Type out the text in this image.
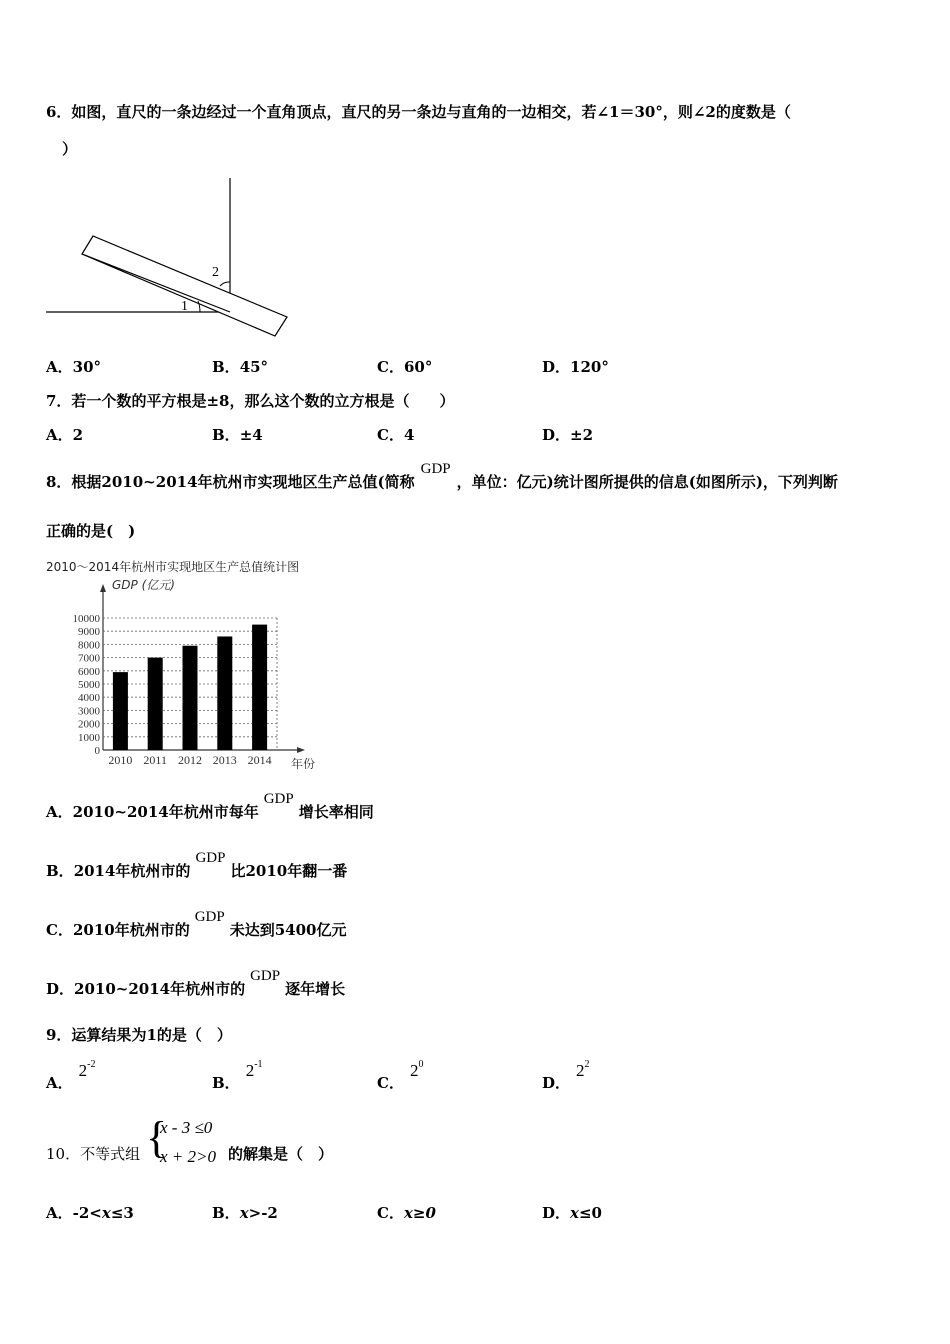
6．如图，直尺的一条边经过一个直角顶点，直尺的另一条边与直角的一边相交，若∠1＝30°，则∠2的度数是（
）
1
2
A．30°	B．45°	C．60°	D．120°
7．若一个数的平方根是±8，那么这个数的立方根是（　　）
A．2	B．±4	C．4	D．±2
8．根据2010~2014年杭州市实现地区生产总值(简称GDP，单位：亿元)统计图所提供的信息(如图所示)，下列判断
正确的是(　)
2010～2014年杭州市实现地区生产总值统计图
GDP (亿元)
0
1000
2000
3000
4000
5000
6000
7000
8000
9000
10000
2010 2011 2012 2013 2014 年份
A．2010~2014年杭州市每年GDP增长率相同
B．2014年杭州市的GDP比2010年翻一番
C．2010年杭州市的GDP未达到5400亿元
D．2010~2014年杭州市的GDP逐年增长
9．运算结果为1的是（　）
A．$2^{-2}$
B．$2^{-1}$
C．$2^0$
D．$2^2$
10．不等式组 {
x - 3 ≤0
x + 2>0 的解集是（　）
A．-2<x≤3	B．x>-2	C．x≥0	D．x≤0
